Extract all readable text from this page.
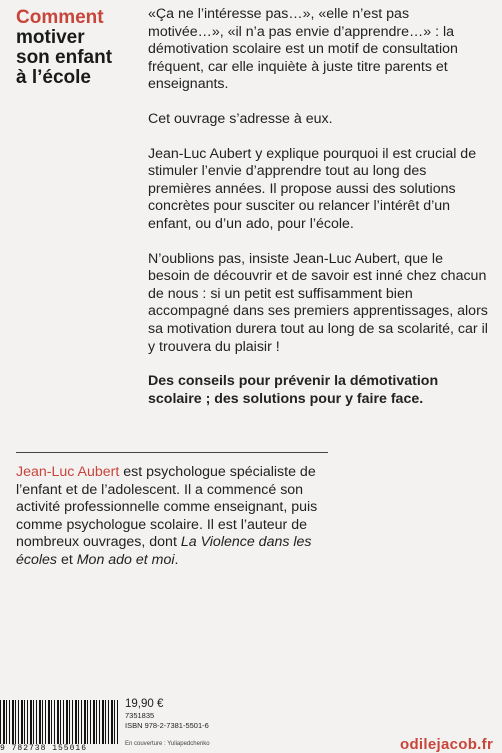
Comment
motiver
son enfant
à l’école

«Ça ne l’intéresse pas…», «elle n’est pas motivée…», «il n’a pas envie d’apprendre…» : la démotivation scolaire est un motif de consultation fréquent, car elle inquiète à juste titre parents et enseignants.

Cet ouvrage s’adresse à eux.

Jean-Luc Aubert y explique pourquoi il est crucial de stimuler l’envie d’apprendre tout au long des premières années. Il propose aussi des solutions concrètes pour susciter ou relancer l’intérêt d’un enfant, ou d’un ado, pour l’école.

N’oublions pas, insiste Jean-Luc Aubert, que le besoin de découvrir et de savoir est inné chez chacun de nous : si un petit est suffisamment bien accompagné dans ses premiers apprentissages, alors sa motivation durera tout au long de sa scolarité, car il y trouvera du plaisir !

Des conseils pour prévenir la démotivation scolaire ; des solutions pour y faire face.

Jean-Luc Aubert est psychologue spécialiste de l’enfant et de l’adolescent. Il a commencé son activité professionnelle comme enseignant, puis comme psychologue scolaire. Il est l’auteur de nombreux ouvrages, dont La Violence dans les écoles et Mon ado et moi.
9 782738 155016
19,90 €
7351835
ISBN 978-2-7381-5501-6
En couverture : Yuliapedchenko	odilejacob.fr
